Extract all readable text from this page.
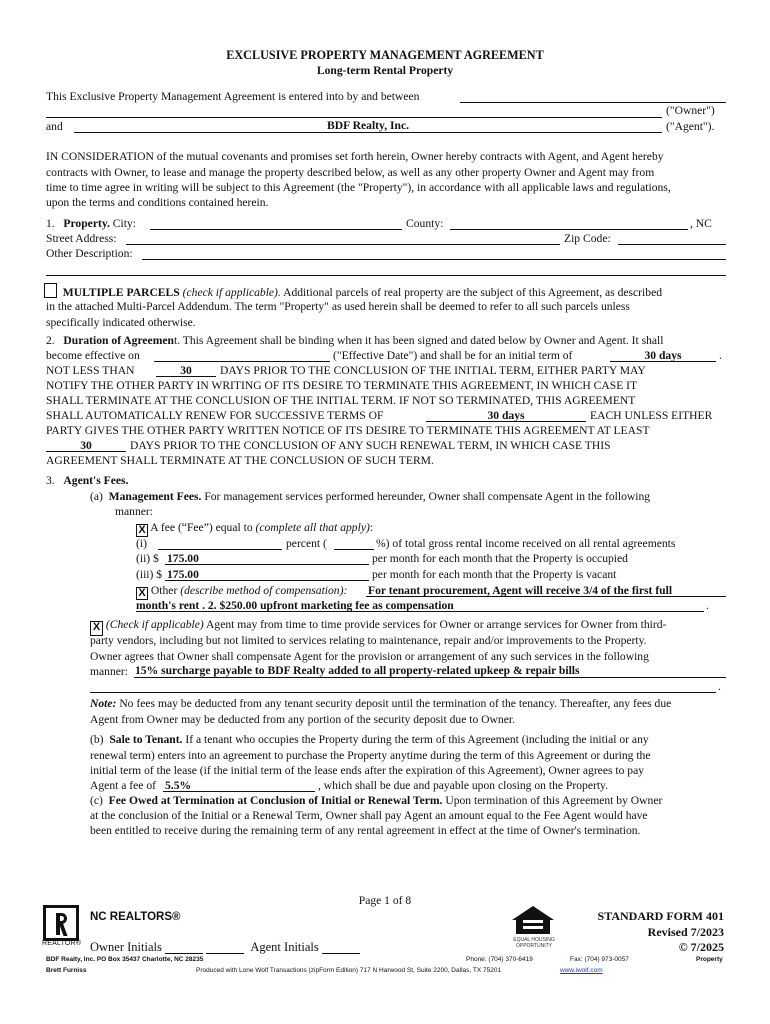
EXCLUSIVE PROPERTY MANAGEMENT AGREEMENT
Long-term Rental Property
This Exclusive Property Management Agreement is entered into by and between
("Owner")
and	BDF Realty, Inc.	("Agent").
IN CONSIDERATION of the mutual covenants and promises set forth herein, Owner hereby contracts with Agent, and Agent hereby
contracts with Owner, to lease and manage the property described below, as well as any other property Owner and Agent may from
time to time agree in writing will be subject to this Agreement (the "Property"), in accordance with all applicable laws and regulations,
upon the terms and conditions contained herein.
1. Property. City:	County:	, NC
Street Address:	Zip Code:
Other Description:
MULTIPLE PARCELS (check if applicable). Additional parcels of real property are the subject of this Agreement, as described
in the attached Multi-Parcel Addendum. The term "Property" as used herein shall be deemed to refer to all such parcels unless
specifically indicated otherwise.
2. Duration of Agreement. This Agreement shall be binding when it has been signed and dated below by Owner and Agent. It shall
become effective on	("Effective Date") and shall be for an initial term of	30 days	.
NOT LESS THAN	30	DAYS PRIOR TO THE CONCLUSION OF THE INITIAL TERM, EITHER PARTY MAY
NOTIFY THE OTHER PARTY IN WRITING OF ITS DESIRE TO TERMINATE THIS AGREEMENT, IN WHICH CASE IT
SHALL TERMINATE AT THE CONCLUSION OF THE INITIAL TERM. IF NOT SO TERMINATED, THIS AGREEMENT
SHALL AUTOMATICALLY RENEW FOR SUCCESSIVE TERMS OF	30 days	EACH UNLESS EITHER
PARTY GIVES THE OTHER PARTY WRITTEN NOTICE OF ITS DESIRE TO TERMINATE THIS AGREEMENT AT LEAST
30	DAYS PRIOR TO THE CONCLUSION OF ANY SUCH RENEWAL TERM, IN WHICH CASE THIS
AGREEMENT SHALL TERMINATE AT THE CONCLUSION OF SUCH TERM.
3. Agent's Fees.
(a) Management Fees. For management services performed hereunder, Owner shall compensate Agent in the following
manner:
X A fee (“Fee”) equal to (complete all that apply):
(i)	percent (	%) of total gross rental income received on all rental agreements
(ii) $ 175.00	per month for each month that the Property is occupied
(iii) $ 175.00	per month for each month that the Property is vacant
X Other (describe method of compensation): For tenant procurement, Agent will receive 3/4 of the first full
month's rent . 2. $250.00 upfront marketing fee as compensation	.
X (Check if applicable) Agent may from time to time provide services for Owner or arrange services for Owner from third-
party vendors, including but not limited to services relating to maintenance, repair and/or improvements to the Property.
Owner agrees that Owner shall compensate Agent for the provision or arrangement of any such services in the following
manner: 15% surcharge payable to BDF Realty added to all property-related upkeep & repair bills
.
Note: No fees may be deducted from any tenant security deposit until the termination of the tenancy. Thereafter, any fees due
Agent from Owner may be deducted from any portion of the security deposit due to Owner.
(b) Sale to Tenant. If a tenant who occupies the Property during the term of this Agreement (including the initial or any
renewal term) enters into an agreement to purchase the Property anytime during the term of this Agreement or during the
initial term of the lease (if the initial term of the lease ends after the expiration of this Agreement), Owner agrees to pay
Agent a fee of 5.5%	, which shall be due and payable upon closing on the Property.
(c) Fee Owed at Termination at Conclusion of Initial or Renewal Term. Upon termination of this Agreement by Owner
at the conclusion of the Initial or a Renewal Term, Owner shall pay Agent an amount equal to the Fee Agent would have
been entitled to receive during the remaining term of any rental agreement in effect at the time of Owner's termination.
Page 1 of 8
REALTOR®
NC REALTORS®
Owner Initials	Agent Initials	EQUAL HOUSING OPPORTUNITY
STANDARD FORM 401
Revised 7/2023
© 7/2025
BDF Realty, Inc. PO Box 35437 Charlotte, NC 28235	Phone: (704) 370-6419	Fax: (704) 973-0057	Property
Brett Furniss	Produced with Lone Wolf Transactions (zipForm Edition) 717 N Harwood St, Suite 2200, Dallas, TX 75201	www.lwolf.com
